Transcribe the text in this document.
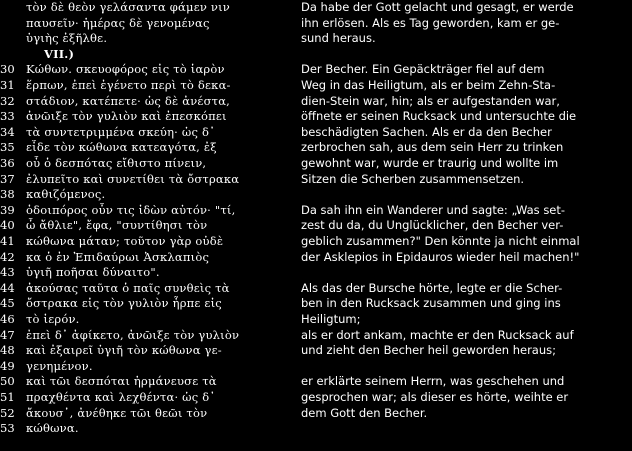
τὸν δὲ θεὸν γελάσαντα φάμεν νιν
παυσεῖν· ἡμέρας δὲ γενομένας
ὑγιὴς ἐξῆλθε.
VII.)
30 Κώθων. σκευοφόρος εἰς τὸ ἱαρὸν
31 ἕρπων, ἐπεὶ ἐγένετο περὶ τὸ δεκα-
32 στάδιον, κατέπετε· ὡς δὲ ἀνέστα,
33 ἀνῶιξε τὸν γυλιὸν καὶ ἐπεσκόπει
34 τὰ συντετριμμένα σκεύη· ὡς δ᾽
35 εἶδε τὸν κώθωνα κατεαγότα, ἐξ
36 οὗ ὁ δεσπότας εἴθιστο πίνειν,
37 ἐλυπεῖτο καὶ συνετίθει τὰ ὄστρακα
38 καθιζόμενος.
39 ὁδοιπόρος οὖν τις ἰδὼν αὐτόν· "τί,
40 ὦ ἄθλιε", ἔφα, "συντίθησι τὸν
41 κώθωνα μάταν; τοῦτον γὰρ οὐδὲ
42 κα ὁ ἐν Ἐπιδαύρωι Ἀσκλαπιὸς
43 ὑγιῆ ποῆσαι δύναιτο".
44 ἀκούσας ταῦτα ὁ παῖς συνθεὶς τὰ
45 ὄστρακα εἰς τὸν γυλιὸν ἧρπε εἰς
46 τὸ ἱερόν.
47 ἐπεὶ δ᾽ ἀφίκετο, ἀνῶιξε τὸν γυλιὸν
48 καὶ ἐξαιρεῖ ὑγιῆ τὸν κώθωνα γε-
49 γενημένον.
50 καὶ τῶι δεσπόται ἡρμάνευσε τὰ
51 πραχθέντα καὶ λεχθέντα· ὡς δ᾽
52 ἄκουσ᾽, ἀνέθηκε τῶι θεῶι τὸν
53 κώθωνα.
Da habe der Gott gelacht und gesagt, er werde
ihn erlösen. Als es Tag geworden, kam er ge-
sund heraus.
Der Becher. Ein Gepäckträger fiel auf dem
Weg in das Heiligtum, als er beim Zehn-Sta-
dien-Stein war, hin; als er aufgestanden war,
öffnete er seinen Rucksack und untersuchte die
beschädigten Sachen. Als er da den Becher
zerbrochen sah, aus dem sein Herr zu trinken
gewohnt war, wurde er traurig und wollte im
Sitzen die Scherben zusammensetzen.
Da sah ihn ein Wanderer und sagte: „Was set-
zest du da, du Unglücklicher, den Becher ver-
geblich zusammen?" Den könnte ja nicht einmal
der Asklepios in Epidauros wieder heil machen!"
Als das der Bursche hörte, legte er die Scher-
ben in den Rucksack zusammen und ging ins
Heiligtum;
als er dort ankam, machte er den Rucksack auf
und zieht den Becher heil geworden heraus;
er erklärte seinem Herrn, was geschehen und
gesprochen war; als dieser es hörte, weihte er
dem Gott den Becher.
